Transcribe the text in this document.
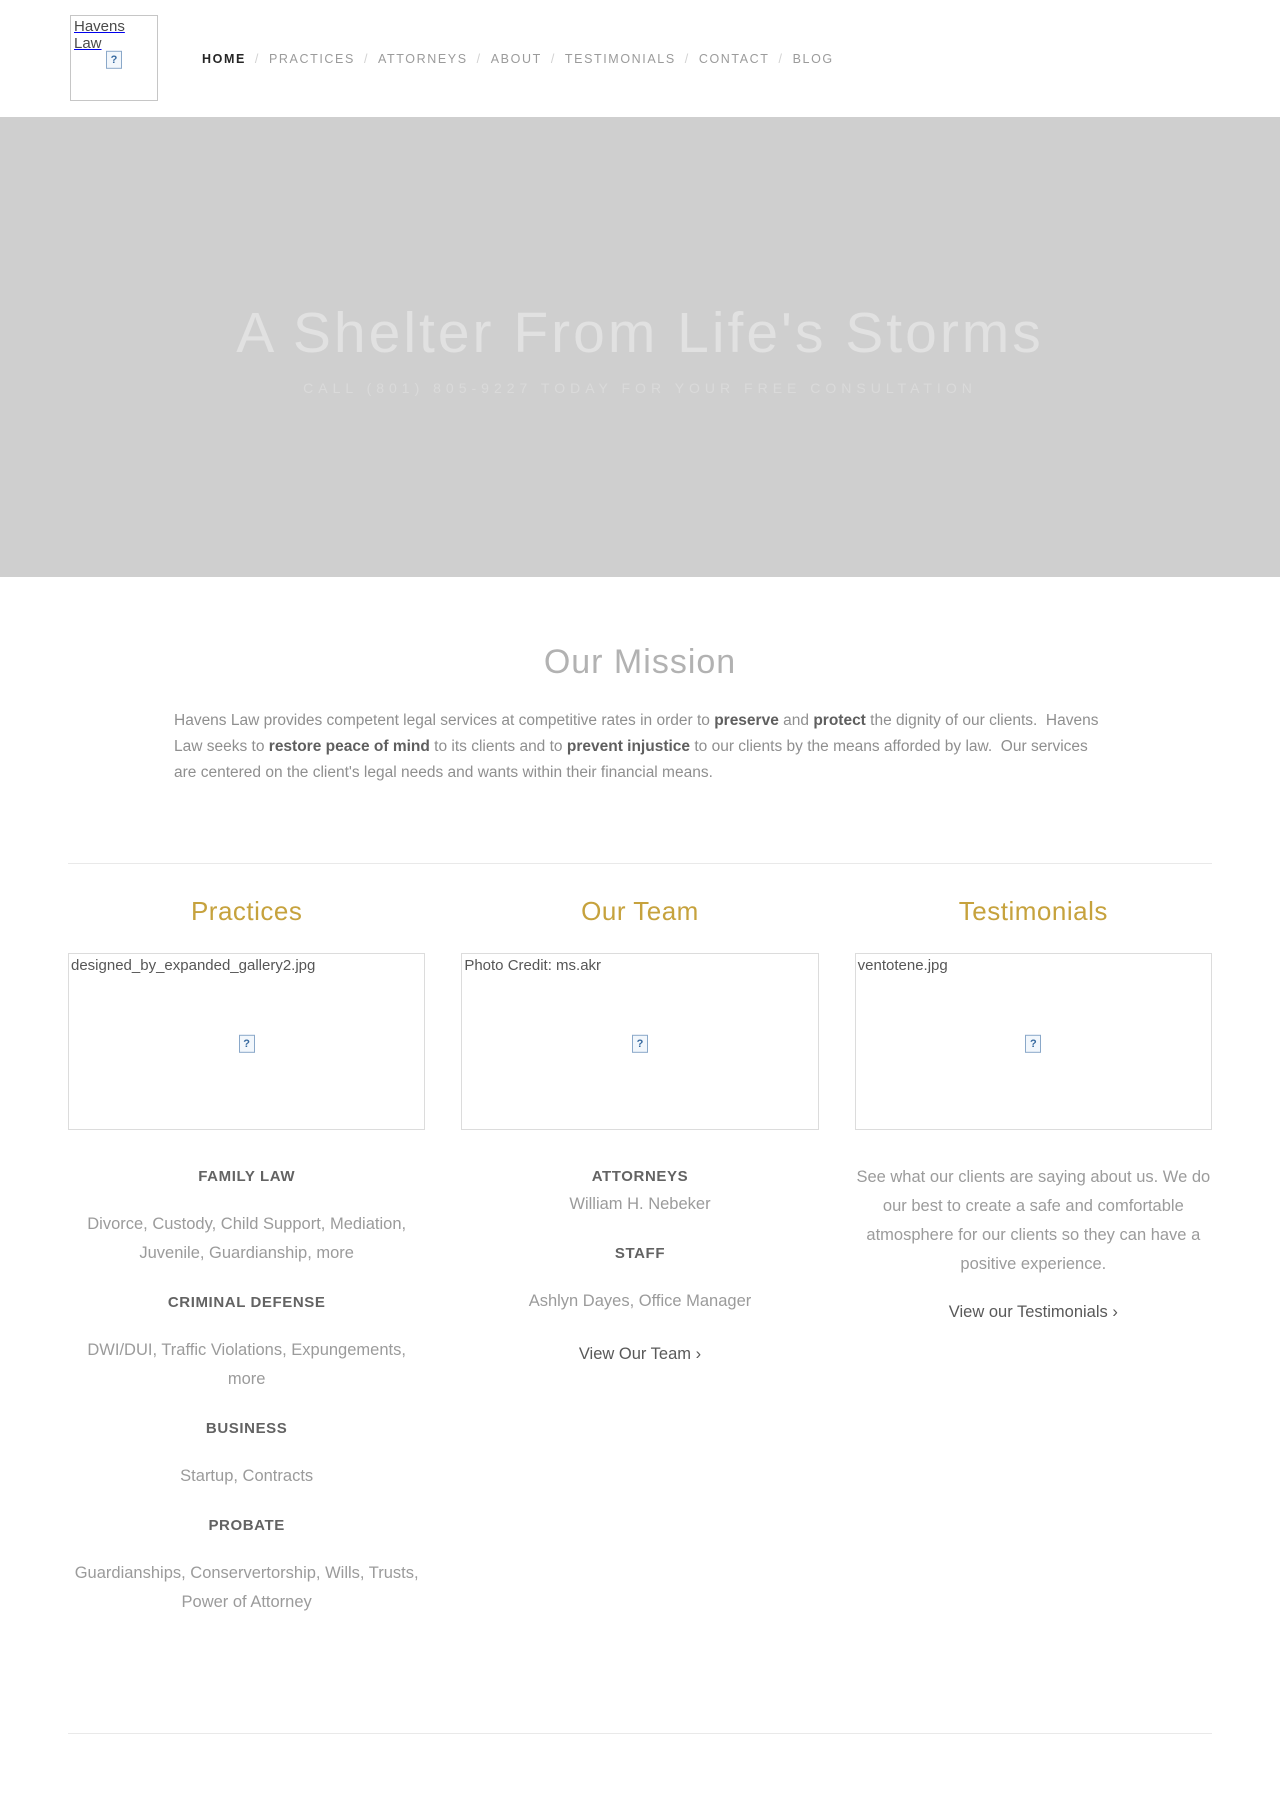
Havens Law
?	HOME / PRACTICES / ATTORNEYS / ABOUT / TESTIMONIALS / CONTACT / BLOG
A Shelter From Life's Storms
CALL (801) 805-9227 TODAY FOR YOUR FREE CONSULTATION
Our Mission

Havens Law provides competent legal services at competitive rates in order to preserve and protect the dignity of our clients.  Havens Law seeks to restore peace of mind to its clients and to prevent injustice to our clients by the means afforded by law.  Our services are centered on the client's legal needs and wants within their financial means.

Practices
designed_by_expanded_gallery2.jpg
?
FAMILY LAW
Divorce, Custody, Child Support, Mediation, Juvenile, Guardianship, more
CRIMINAL DEFENSE
DWI/DUI, Traffic Violations, Expungements, more
BUSINESS
Startup, Contracts
PROBATE
Guardianships, Conservertorship, Wills, Trusts, Power of Attorney
Our Team
Photo Credit: ms.akr
?
ATTORNEYS
William H. Nebeker
STAFF
Ashlyn Dayes, Office Manager
View Our Team ›
Testimonials
ventotene.jpg
?

See what our clients are saying about us. We do our best to create a safe and comfortable atmosphere for our clients so they can have a positive experience.

View our Testimonials ›
